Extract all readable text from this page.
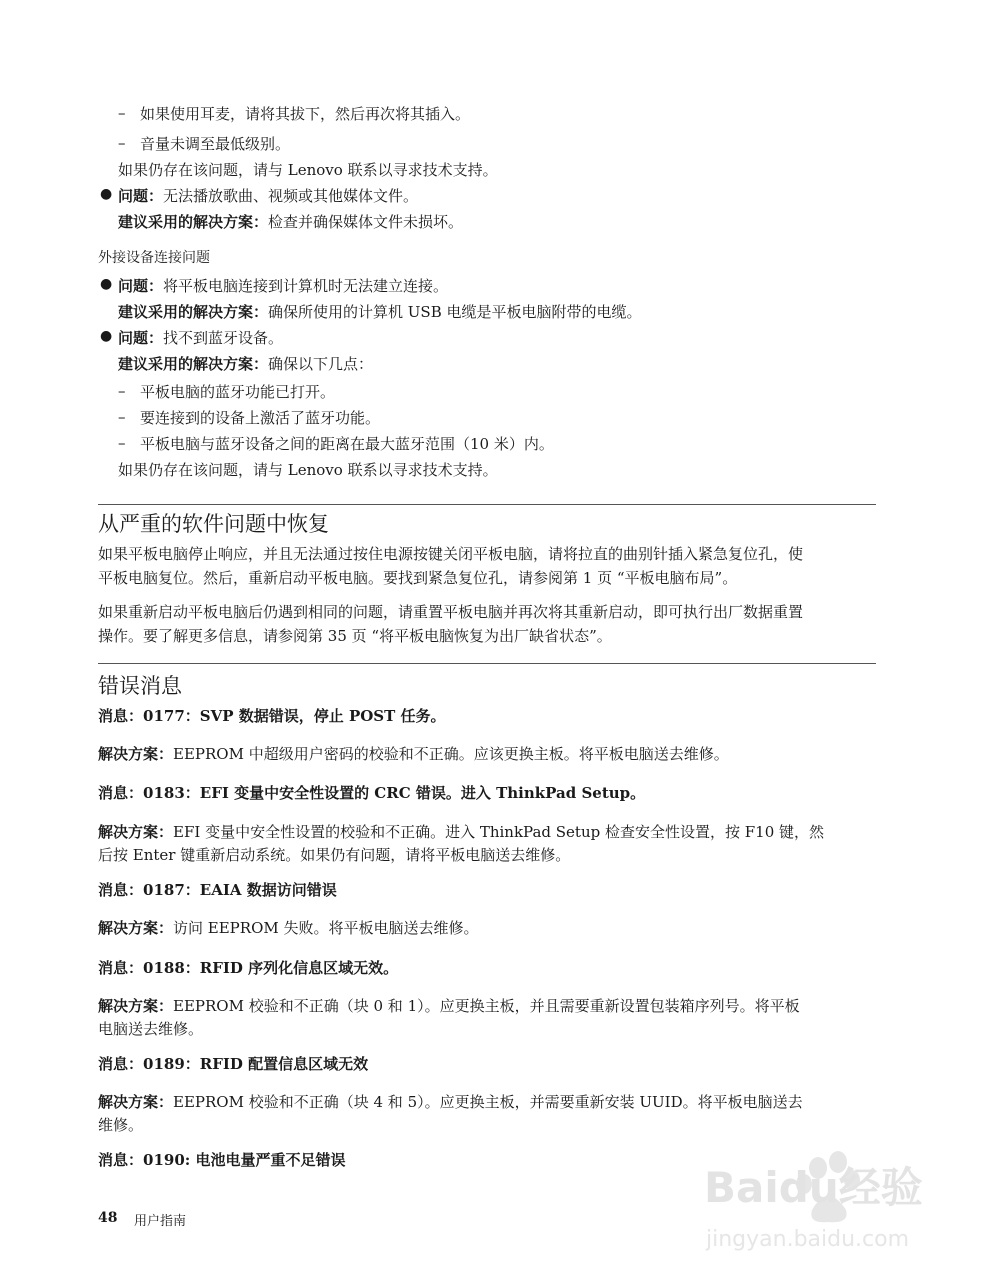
– 如果使用耳麦，请将其拔下，然后再次将其插入。
– 音量未调至最低级别。
如果仍存在该问题，请与 Lenovo 联系以寻求技术支持。
● 问题：无法播放歌曲、视频或其他媒体文件。
建议采用的解决方案：检查并确保媒体文件未损坏。
外接设备连接问题
● 问题：将平板电脑连接到计算机时无法建立连接。
建议采用的解决方案：确保所使用的计算机 USB 电缆是平板电脑附带的电缆。
● 问题：找不到蓝牙设备。
建议采用的解决方案：确保以下几点：
– 平板电脑的蓝牙功能已打开。
– 要连接到的设备上激活了蓝牙功能。
– 平板电脑与蓝牙设备之间的距离在最大蓝牙范围（10 米）内。
如果仍存在该问题，请与 Lenovo 联系以寻求技术支持。
从严重的软件问题中恢复
如果平板电脑停止响应，并且无法通过按住电源按键关闭平板电脑，请将拉直的曲别针插入紧急复位孔，使
平板电脑复位。然后，重新启动平板电脑。要找到紧急复位孔，请参阅第 1 页 “平板电脑布局”。
如果重新启动平板电脑后仍遇到相同的问题，请重置平板电脑并再次将其重新启动，即可执行出厂数据重置
操作。要了解更多信息，请参阅第 35 页 “将平板电脑恢复为出厂缺省状态”。
错误消息
消息：0177：SVP 数据错误，停止 POST 任务。
解决方案：EEPROM 中超级用户密码的校验和不正确。应该更换主板。将平板电脑送去维修。
消息：0183：EFI 变量中安全性设置的 CRC 错误。进入 ThinkPad Setup。
解决方案：EFI 变量中安全性设置的校验和不正确。进入 ThinkPad Setup 检查安全性设置，按 F10 键，然
后按 Enter 键重新启动系统。如果仍有问题，请将平板电脑送去维修。
消息：0187：EAIA 数据访问错误
解决方案：访问 EEPROM 失败。将平板电脑送去维修。
消息：0188：RFID 序列化信息区域无效。
解决方案：EEPROM 校验和不正确（块 0 和 1）。应更换主板，并且需要重新设置包装箱序列号。将平板
电脑送去维修。
消息：0189：RFID 配置信息区域无效
解决方案：EEPROM 校验和不正确（块 4 和 5）。应更换主板，并需要重新安装 UUID。将平板电脑送去
维修。
消息：0190: 电池电量严重不足错误
48 用户指南
Baidu经验
jingyan.baidu.com
